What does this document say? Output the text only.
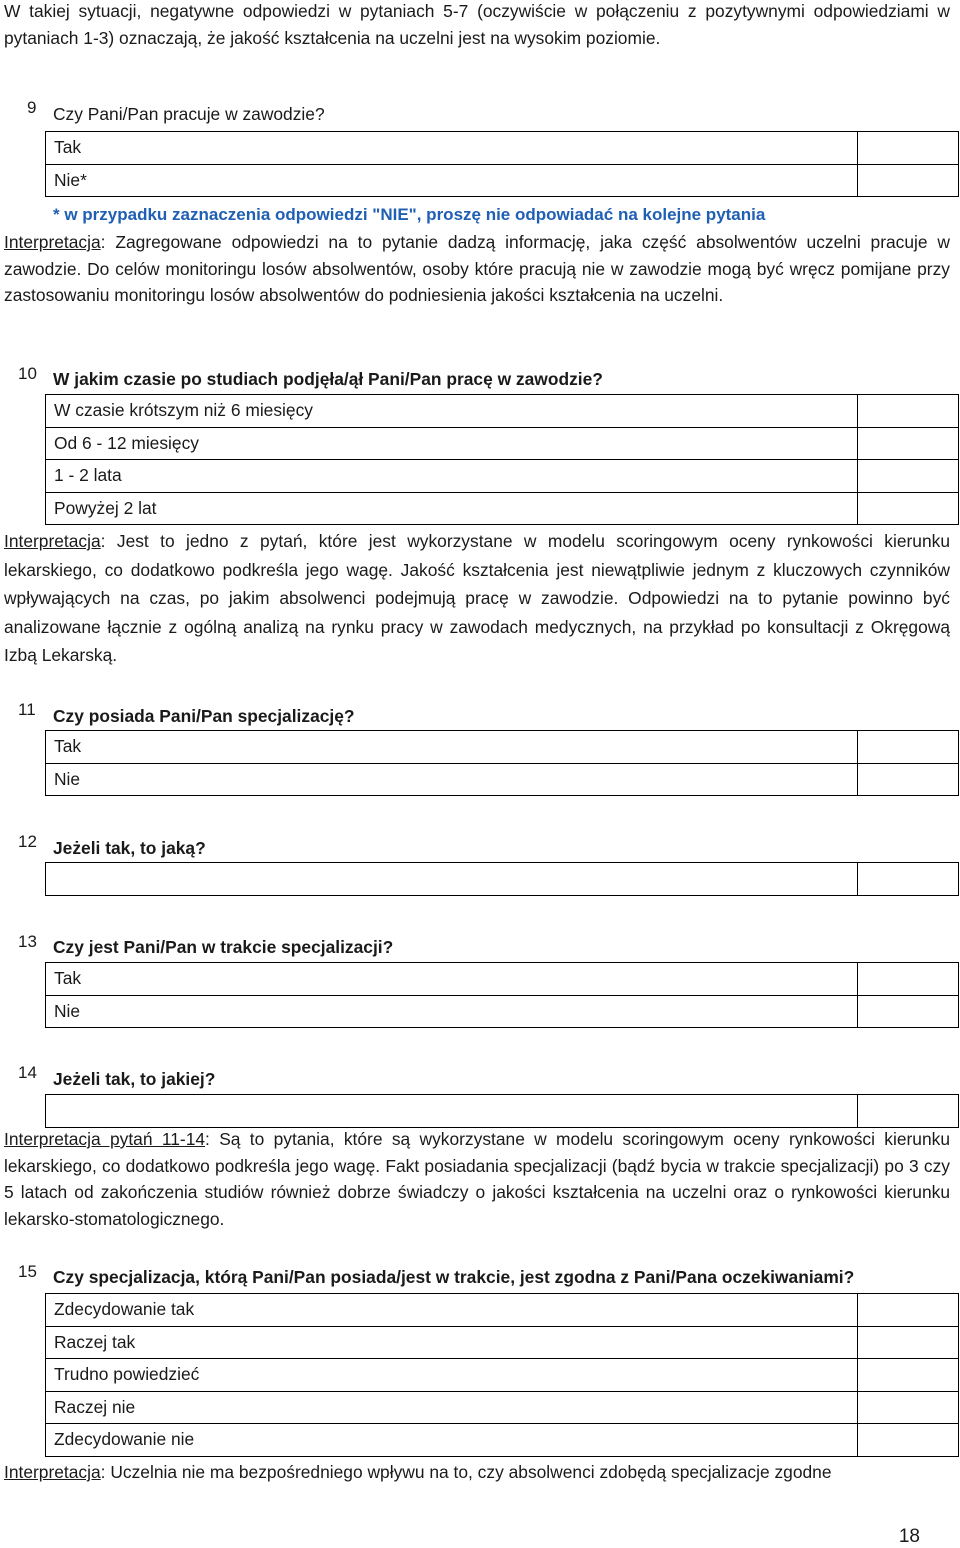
W takiej sytuacji, negatywne odpowiedzi w pytaniach 5-7 (oczywiście w połączeniu z pozytywnymi odpowiedziami w pytaniach 1-3) oznaczają, że jakość kształcenia na uczelni jest na wysokim poziomie.
9 Czy Pani/Pan pracuje w zawodzie?
Tak	
Nie*	
* w przypadku zaznaczenia odpowiedzi "NIE", proszę nie odpowiadać na kolejne pytania
Interpretacja: Zagregowane odpowiedzi na to pytanie dadzą informację, jaka część absolwentów uczelni pracuje w zawodzie. Do celów monitoringu losów absolwentów, osoby które pracują nie w zawodzie mogą być wręcz pomijane przy zastosowaniu monitoringu losów absolwentów do podniesienia jakości kształcenia na uczelni.
10 W jakim czasie po studiach podjęła/ął Pani/Pan pracę w zawodzie?
W czasie krótszym niż 6 miesięcy	
Od 6 - 12 miesięcy	
1 - 2 lata	
Powyżej 2 lat	
Interpretacja: Jest to jedno z pytań, które jest wykorzystane w modelu scoringowym oceny rynkowości kierunku lekarskiego, co dodatkowo podkreśla jego wagę. Jakość kształcenia jest niewątpliwie jednym z kluczowych czynników wpływających na czas, po jakim absolwenci podejmują pracę w zawodzie. Odpowiedzi na to pytanie powinno być analizowane łącznie z ogólną analizą na rynku pracy w zawodach medycznych, na przykład po konsultacji z Okręgową Izbą Lekarską.
11 Czy posiada Pani/Pan specjalizację?
Tak	
Nie	
12 Jeżeli tak, to jaką?

13 Czy jest Pani/Pan w trakcie specjalizacji?
Tak	
Nie	
14 Jeżeli tak, to jakiej?

Interpretacja pytań 11-14: Są to pytania, które są wykorzystane w modelu scoringowym oceny rynkowości kierunku lekarskiego, co dodatkowo podkreśla jego wagę. Fakt posiadania specjalizacji (bądź bycia w trakcie specjalizacji) po 3 czy 5 latach od zakończenia studiów również dobrze świadczy o jakości kształcenia na uczelni oraz o rynkowości kierunku lekarsko-stomatologicznego.
15 Czy specjalizacja, którą Pani/Pan posiada/jest w trakcie, jest zgodna z Pani/Pana oczekiwaniami?
Zdecydowanie tak	
Raczej tak	
Trudno powiedzieć	
Raczej nie	
Zdecydowanie nie	
Interpretacja: Uczelnia nie ma bezpośredniego wpływu na to, czy absolwenci zdobędą specjalizacje zgodne
18
